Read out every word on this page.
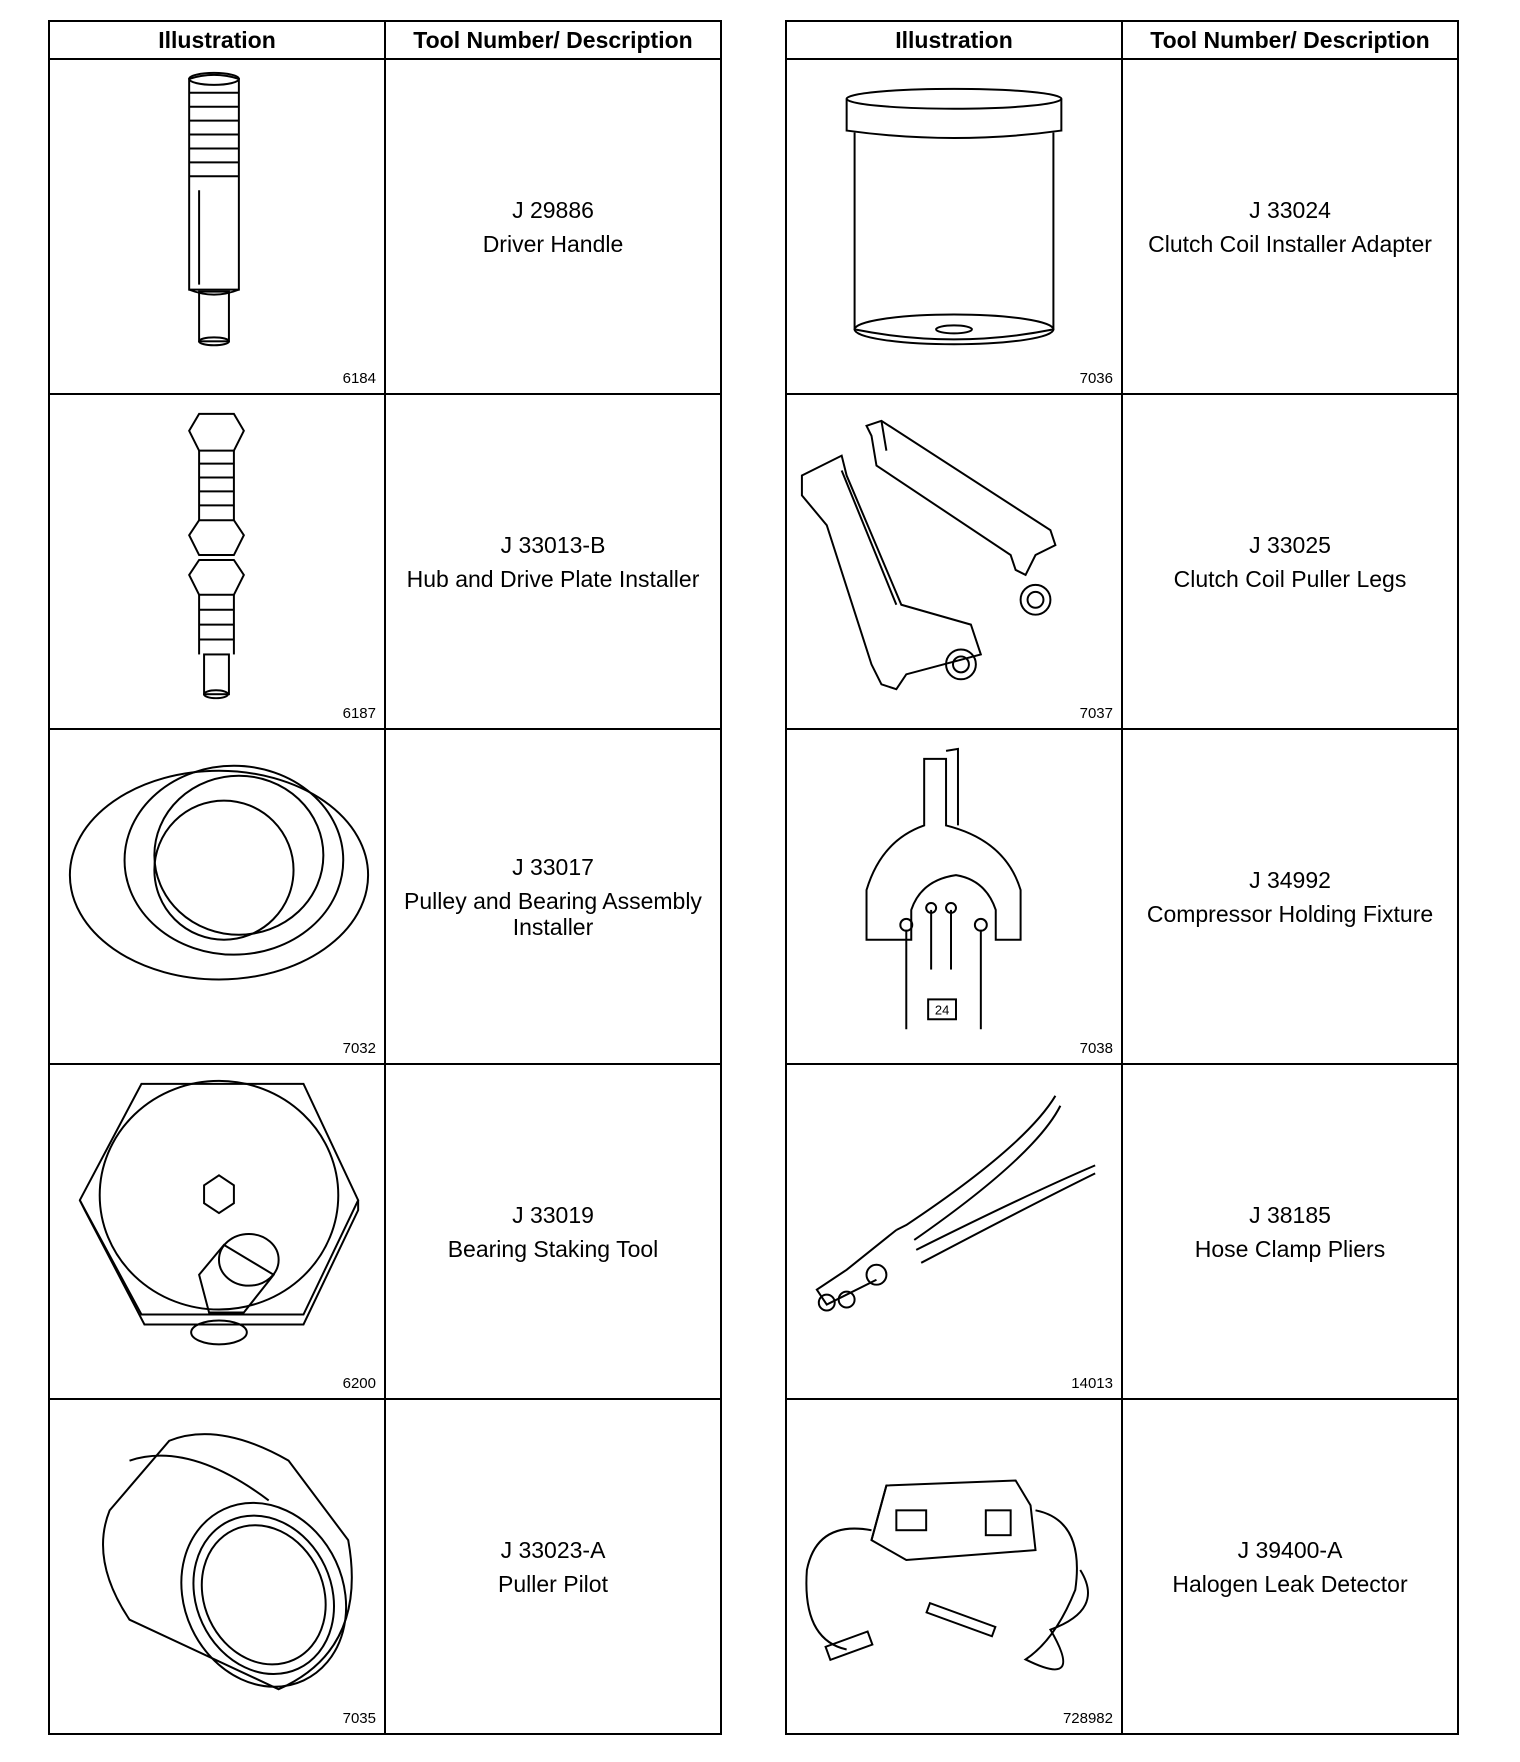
Illustration	Tool Number/ Description

6184	J 29886
Driver Handle

6187	J 33013-B
Hub and Drive Plate Installer

7032	J 33017
Pulley and Bearing Assembly Installer

6200	J 33019
Bearing Staking Tool

7035	J 33023-A
Puller Pilot
Illustration	Tool Number/ Description

7036	J 33024
Clutch Coil Installer Adapter

7037	J 33025
Clutch Coil Puller Legs

24
7038	J 34992
Compressor Holding Fixture

14013	J 38185
Hose Clamp Pliers

728982	J 39400-A
Halogen Leak Detector
